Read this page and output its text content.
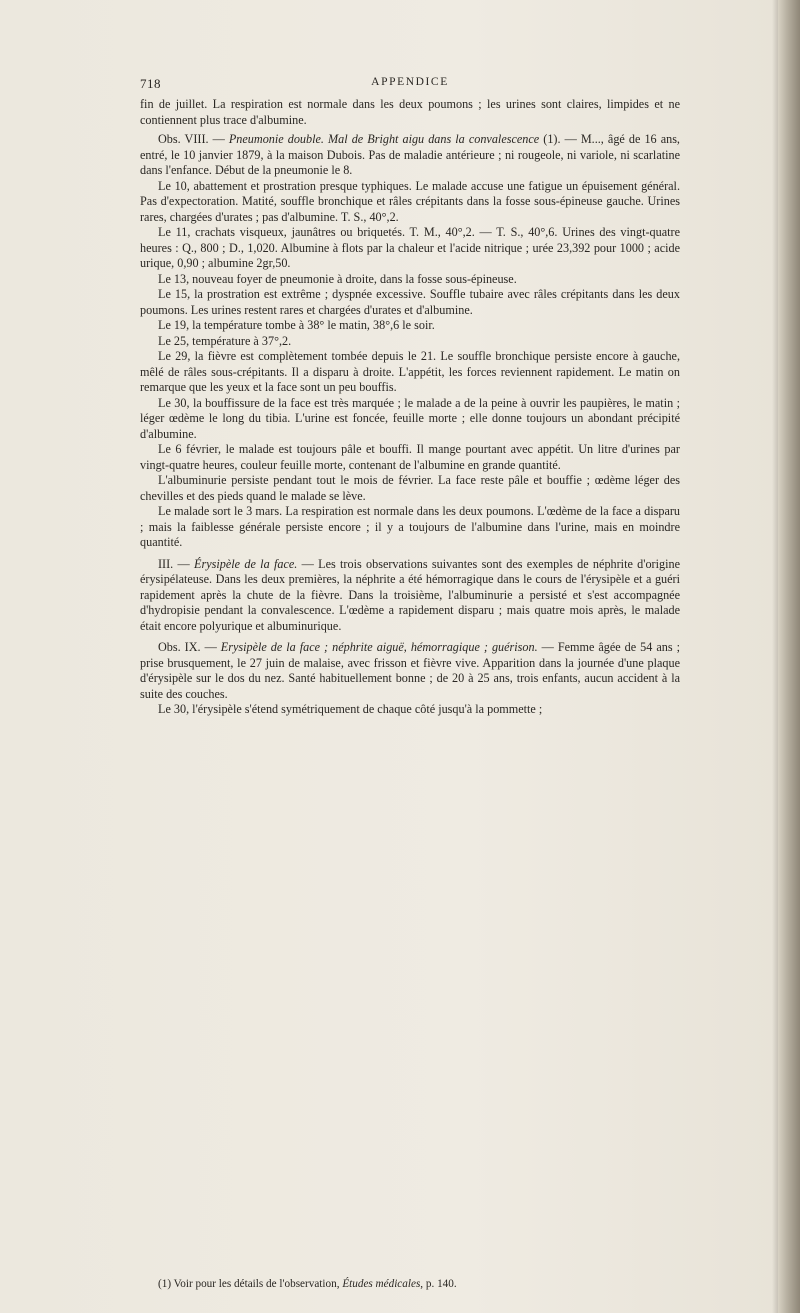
718	APPENDICE

fin de juillet. La respiration est normale dans les deux poumons ; les urines sont claires, limpides et ne contiennent plus trace d'albumine.

Obs. VIII. — Pneumonie double. Mal de Bright aigu dans la convalescence (1). — M..., âgé de 16 ans, entré, le 10 janvier 1879, à la maison Dubois. Pas de maladie antérieure ; ni rougeole, ni variole, ni scarlatine dans l'enfance. Début de la pneumonie le 8.

Le 10, abattement et prostration presque typhiques. Le malade accuse une fatigue un épuisement général. Pas d'expectoration. Matité, souffle bronchique et râles crépitants dans la fosse sous-épineuse gauche. Urines rares, chargées d'urates ; pas d'albumine. T. S., 40°,2.

Le 11, crachats visqueux, jaunâtres ou briquetés. T. M., 40°,2. — T. S., 40°,6. Urines des vingt-quatre heures : Q., 800 ; D., 1,020. Albumine à flots par la chaleur et l'acide nitrique ; urée 23,392 pour 1000 ; acide urique, 0,90 ; albumine 2gr,50.

Le 13, nouveau foyer de pneumonie à droite, dans la fosse sous-épineuse.

Le 15, la prostration est extrême ; dyspnée excessive. Souffle tubaire avec râles crépitants dans les deux poumons. Les urines restent rares et chargées d'urates et d'albumine.

Le 19, la température tombe à 38° le matin, 38°,6 le soir.

Le 25, température à 37°,2.

Le 29, la fièvre est complètement tombée depuis le 21. Le souffle bronchique persiste encore à gauche, mêlé de râles sous-crépitants. Il a disparu à droite. L'appétit, les forces reviennent rapidement. Le matin on remarque que les yeux et la face sont un peu bouffis.

Le 30, la bouffissure de la face est très marquée ; le malade a de la peine à ouvrir les paupières, le matin ; léger œdème le long du tibia. L'urine est foncée, feuille morte ; elle donne toujours un abondant précipité d'albumine.

Le 6 février, le malade est toujours pâle et bouffi. Il mange pourtant avec appétit. Un litre d'urines par vingt-quatre heures, couleur feuille morte, contenant de l'albumine en grande quantité.

L'albuminurie persiste pendant tout le mois de février. La face reste pâle et bouffie ; œdème léger des chevilles et des pieds quand le malade se lève.

Le malade sort le 3 mars. La respiration est normale dans les deux poumons. L'œdème de la face a disparu ; mais la faiblesse générale persiste encore ; il y a toujours de l'albumine dans l'urine, mais en moindre quantité.

III. — Érysipèle de la face. — Les trois observations suivantes sont des exemples de néphrite d'origine érysipélateuse. Dans les deux premières, la néphrite a été hémorragique dans le cours de l'érysipèle et a guéri rapidement après la chute de la fièvre. Dans la troisième, l'albuminurie a persisté et s'est accompagnée d'hydropisie pendant la convalescence. L'œdème a rapidement disparu ; mais quatre mois après, le malade était encore polyurique et albuminurique.

Obs. IX. — Erysipèle de la face ; néphrite aiguë, hémorragique ; guérison. — Femme âgée de 54 ans ; prise brusquement, le 27 juin de malaise, avec frisson et fièvre vive. Apparition dans la journée d'une plaque d'érysipèle sur le dos du nez. Santé habituellement bonne ; de 20 à 25 ans, trois enfants, aucun accident à la suite des couches.

Le 30, l'érysipèle s'étend symétriquement de chaque côté jusqu'à la pommette ;

(1) Voir pour les détails de l'observation, Études médicales, p. 140.
